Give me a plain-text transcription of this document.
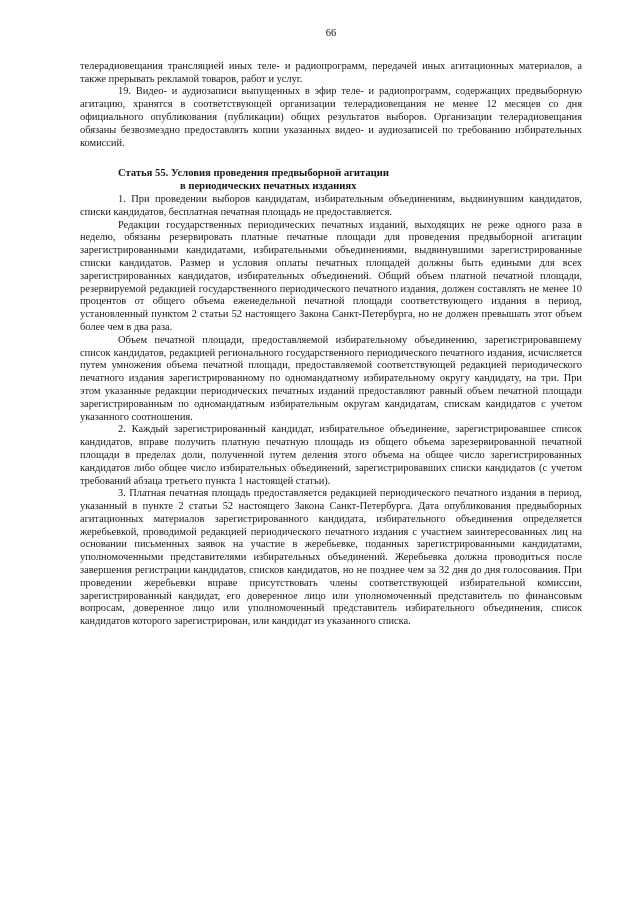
66

телерадиовещания трансляцией иных теле- и радиопрограмм, передачей иных агитационных материалов, а также прерывать рекламой товаров, работ и услуг.

19. Видео- и аудиозаписи выпущенных в эфир теле- и радиопрограмм, содержащих предвыборную агитацию, хранятся в соответствующей организации телерадиовещания не менее 12 месяцев со дня официального опубликования (публикации) общих результатов выборов. Организации телерадиовещания обязаны безвозмездно предоставлять копии указанных видео- и аудиозаписей по требованию избирательных комиссий.

Статья 55. Условия проведения предвыборной агитации
в периодических печатных изданиях

1. При проведении выборов кандидатам, избирательным объединениям, выдвинувшим кандидатов, списки кандидатов, бесплатная печатная площадь не предоставляется.

Редакции государственных периодических печатных изданий, выходящих не реже одного раза в неделю, обязаны резервировать платные печатные площади для проведения предвыборной агитации зарегистрированными кандидатами, избирательными объединениями, выдвинувшими зарегистрированные списки кандидатов. Размер и условия оплаты печатных площадей должны быть едиными для всех зарегистрированных кандидатов, избирательных объединений. Общий объем платной печатной площади, резервируемой редакцией государственного периодического печатного издания, должен составлять не менее 10 процентов от общего объема еженедельной печатной площади соответствующего издания в период, установленный пунктом 2 статьи 52 настоящего Закона Санкт-Петербурга, но не должен превышать этот объем более чем в два раза.

Объем печатной площади, предоставляемой избирательному объединению, зарегистрировавшему список кандидатов, редакцией регионального государственного периодического печатного издания, исчисляется путем умножения объема печатной площади, предоставляемой соответствующей редакцией периодического печатного издания зарегистрированному по одномандатному избирательному округу кандидату, на три. При этом указанные редакции периодических печатных изданий предоставляют равный объем печатной площади зарегистрированным по одномандатным избирательным округам кандидатам, спискам кандидатов с учетом указанного соотношения.

2. Каждый зарегистрированный кандидат, избирательное объединение, зарегистрировавшее список кандидатов, вправе получить платную печатную площадь из общего объема зарезервированной печатной площади в пределах доли, полученной путем деления этого объема на общее число зарегистрированных кандидатов либо общее число избирательных объединений, зарегистрировавших списки кандидатов (с учетом требований абзаца третьего пункта 1 настоящей статьи).

3. Платная печатная площадь предоставляется редакцией периодического печатного издания в период, указанный в пункте 2 статьи 52 настоящего Закона Санкт-Петербурга. Дата опубликования предвыборных агитационных материалов зарегистрированного кандидата, избирательного объединения определяется жеребьевкой, проводимой редакцией периодического печатного издания с участием заинтересованных лиц на основании письменных заявок на участие в жеребьевке, поданных зарегистрированными кандидатами, уполномоченными представителями избирательных объединений. Жеребьевка должна проводиться после завершения регистрации кандидатов, списков кандидатов, но не позднее чем за 32 дня до дня голосования. При проведении жеребьевки вправе присутствовать члены соответствующей избирательной комиссии, зарегистрированный кандидат, его доверенное лицо или уполномоченный представитель по финансовым вопросам, доверенное лицо или уполномоченный представитель избирательного объединения, список кандидатов которого зарегистрирован, или кандидат из указанного списка.
